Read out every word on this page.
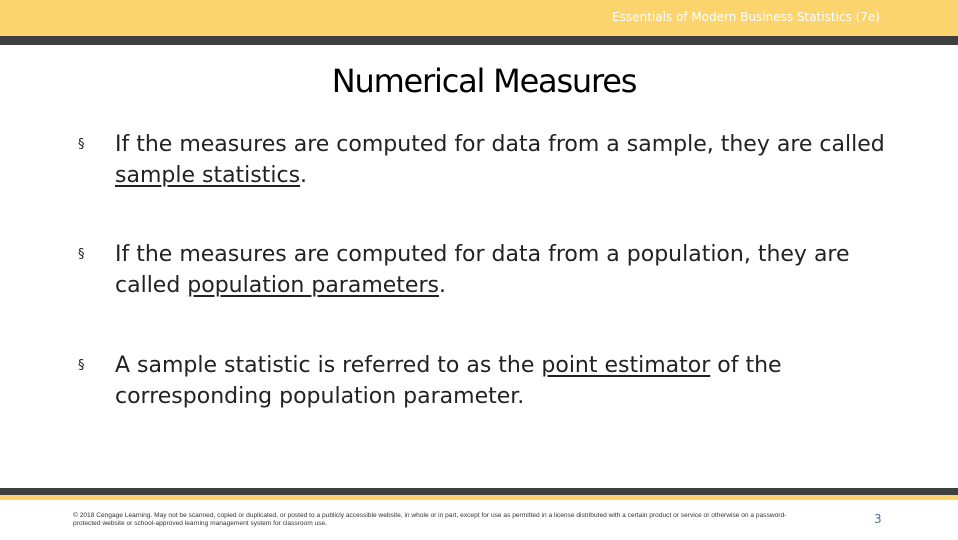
Essentials of Modern Business Statistics (7e)
Numerical Measures
§ If the measures are computed for data from a sample, they are called sample statistics.
§ If the measures are computed for data from a population, they are called population parameters.
§ A sample statistic is referred to as the point estimator of the corresponding population parameter.
© 2018 Cengage Learning. May not be scanned, copied or duplicated, or posted to a publicly accessible website, in whole or in part, except for use as permitted in a license distributed with a certain product or service or otherwise on a password-protected website or school-approved learning management system for classroom use.	3
